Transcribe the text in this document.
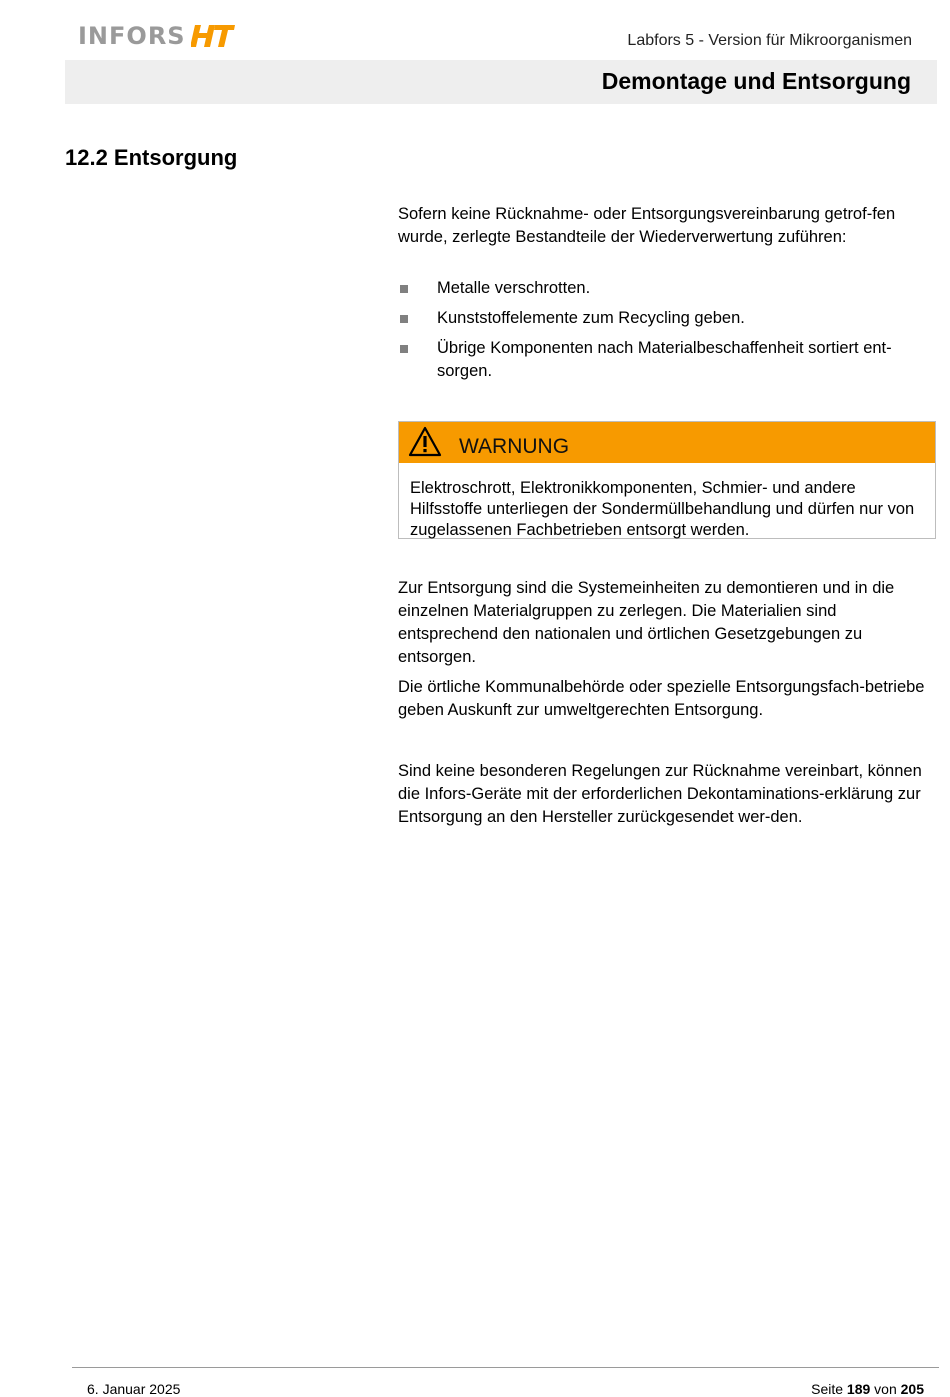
INFORS	Labfors 5 - Version für Mikroorganismen
Demontage und Entsorgung
12.2 Entsorgung
Sofern keine Rücknahme- oder Entsorgungsvereinbarung getrof-fen wurde, zerlegte Bestandteile der Wiederverwertung zuführen:
Metalle verschrotten.
Kunststoffelemente zum Recycling geben.
Übrige Komponenten nach Materialbeschaffenheit sortiert ent-sorgen.
WARNUNG
Elektroschrott, Elektronikkomponenten, Schmier- und andere Hilfsstoffe unterliegen der Sondermüllbehandlung und dürfen nur von zugelassenen Fachbetrieben entsorgt werden.
Zur Entsorgung sind die Systemeinheiten zu demontieren und in die einzelnen Materialgruppen zu zerlegen. Die Materialien sind entsprechend den nationalen und örtlichen Gesetzgebungen zu entsorgen.
Die örtliche Kommunalbehörde oder spezielle Entsorgungsfach-betriebe geben Auskunft zur umweltgerechten Entsorgung.
Sind keine besonderen Regelungen zur Rücknahme vereinbart, können die Infors-Geräte mit der erforderlichen Dekontaminations-erklärung zur Entsorgung an den Hersteller zurückgesendet wer-den.
6. Januar 2025	Seite 189 von 205
